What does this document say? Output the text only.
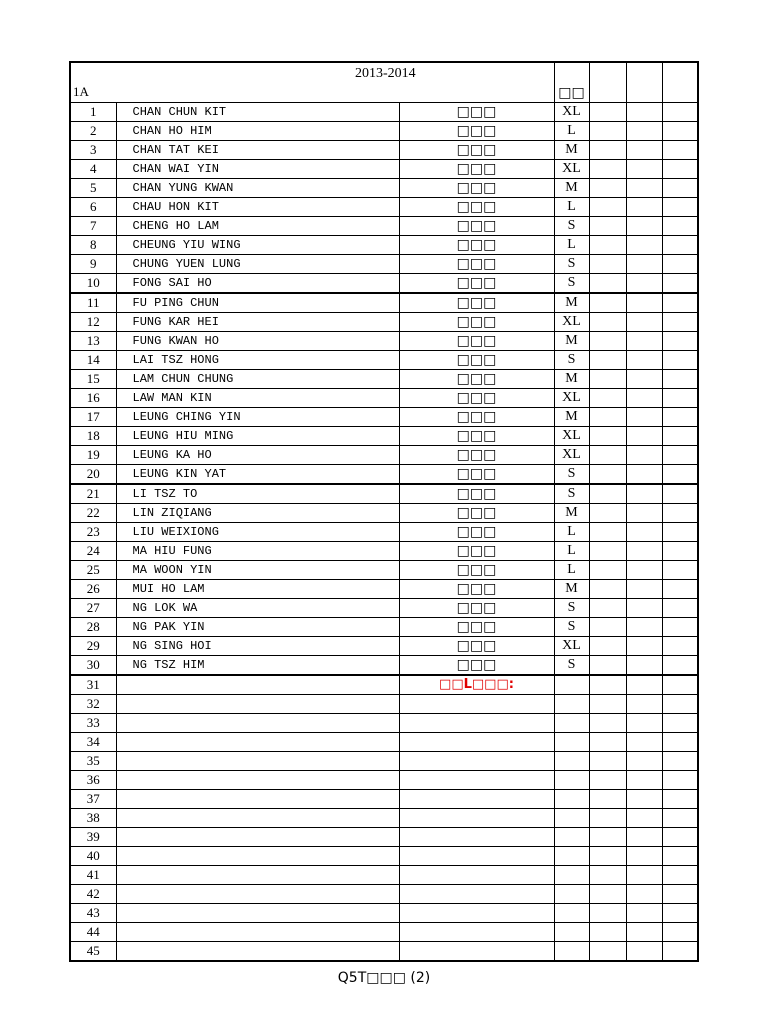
2013-2014
1A			□□			
1	CHAN CHUN KIT	□□□	XL			
2	CHAN HO HIM	□□□	L			
3	CHAN TAT KEI	□□□	M			
4	CHAN WAI YIN	□□□	XL			
5	CHAN YUNG KWAN	□□□	M			
6	CHAU HON KIT	□□□	L			
7	CHENG HO LAM	□□□	S			
8	CHEUNG YIU WING	□□□	L			
9	CHUNG YUEN LUNG	□□□	S			
10	FONG SAI HO	□□□	S			
11	FU PING CHUN	□□□	M			
12	FUNG KAR HEI	□□□	XL			
13	FUNG KWAN HO	□□□	M			
14	LAI TSZ HONG	□□□	S			
15	LAM CHUN CHUNG	□□□	M			
16	LAW MAN KIN	□□□	XL			
17	LEUNG CHING YIN	□□□	M			
18	LEUNG HIU MING	□□□	XL			
19	LEUNG KA HO	□□□	XL			
20	LEUNG KIN YAT	□□□	S			
21	LI TSZ TO	□□□	S			
22	LIN ZIQIANG	□□□	M			
23	LIU WEIXIONG	□□□	L			
24	MA HIU FUNG	□□□	L			
25	MA WOON YIN	□□□	L			
26	MUI HO LAM	□□□	M			
27	NG LOK WA	□□□	S			
28	NG PAK YIN	□□□	S			
29	NG SING HOI	□□□	XL			
30	NG TSZ HIM	□□□	S			
31		□□L□□□:				
32						
33						
34						
35						
36						
37						
38						
39						
40						
41						
42						
43						
44						
45						
Q5T□□□ (2)
